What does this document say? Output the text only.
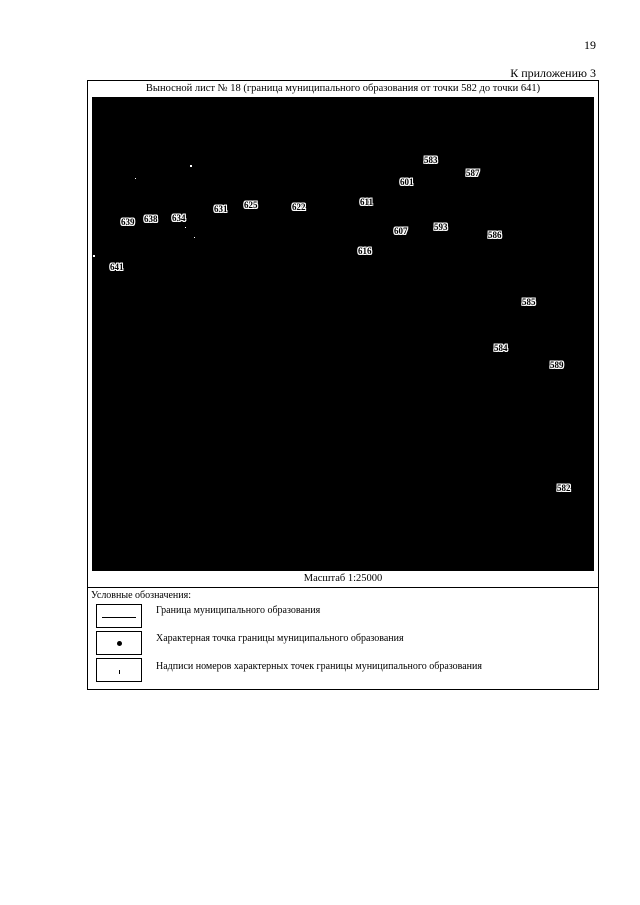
19
К приложению 3
Выносной лист № 18 (граница муниципального образования от точки 582 до точки 641)
583
587
601
611
625	622
631
634
638
639
607	593
586
616
641
585
584
589
582
Масштаб 1:25000
Условные обозначения:
Граница муниципального образования
Характерная точка границы муниципального образования
Надписи номеров характерных точек границы муниципального образования
